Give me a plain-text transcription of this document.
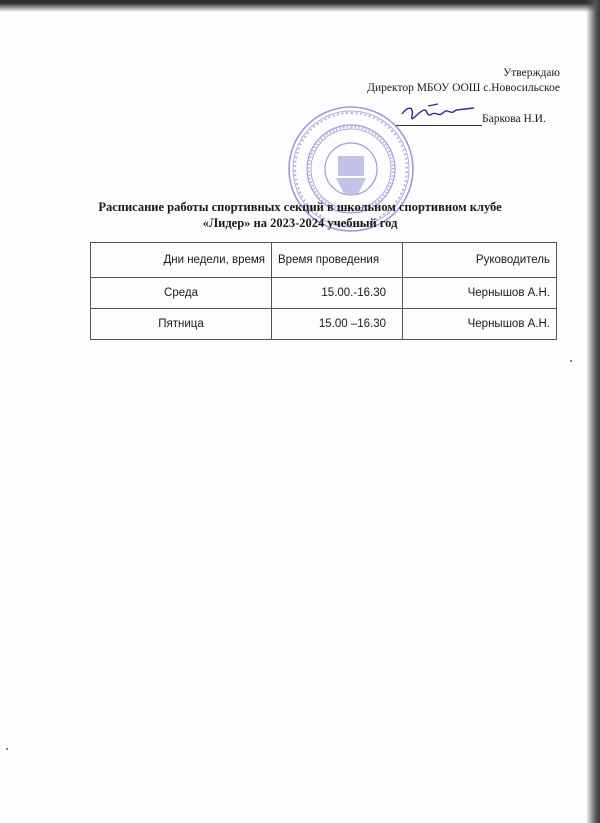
Утверждаю
Директор МБОУ ООШ с.Новосильское
Баркова Н.И.
Расписание работы спортивных секций в школьном спортивном клубе
«Лидер» на 2023-2024 учебный год
Дни недели, время	Время проведения	Руководитель
Среда	15.00.-16.30	Чернышов А.Н.
Пятница	15.00 –16.30	Чернышов А.Н.
